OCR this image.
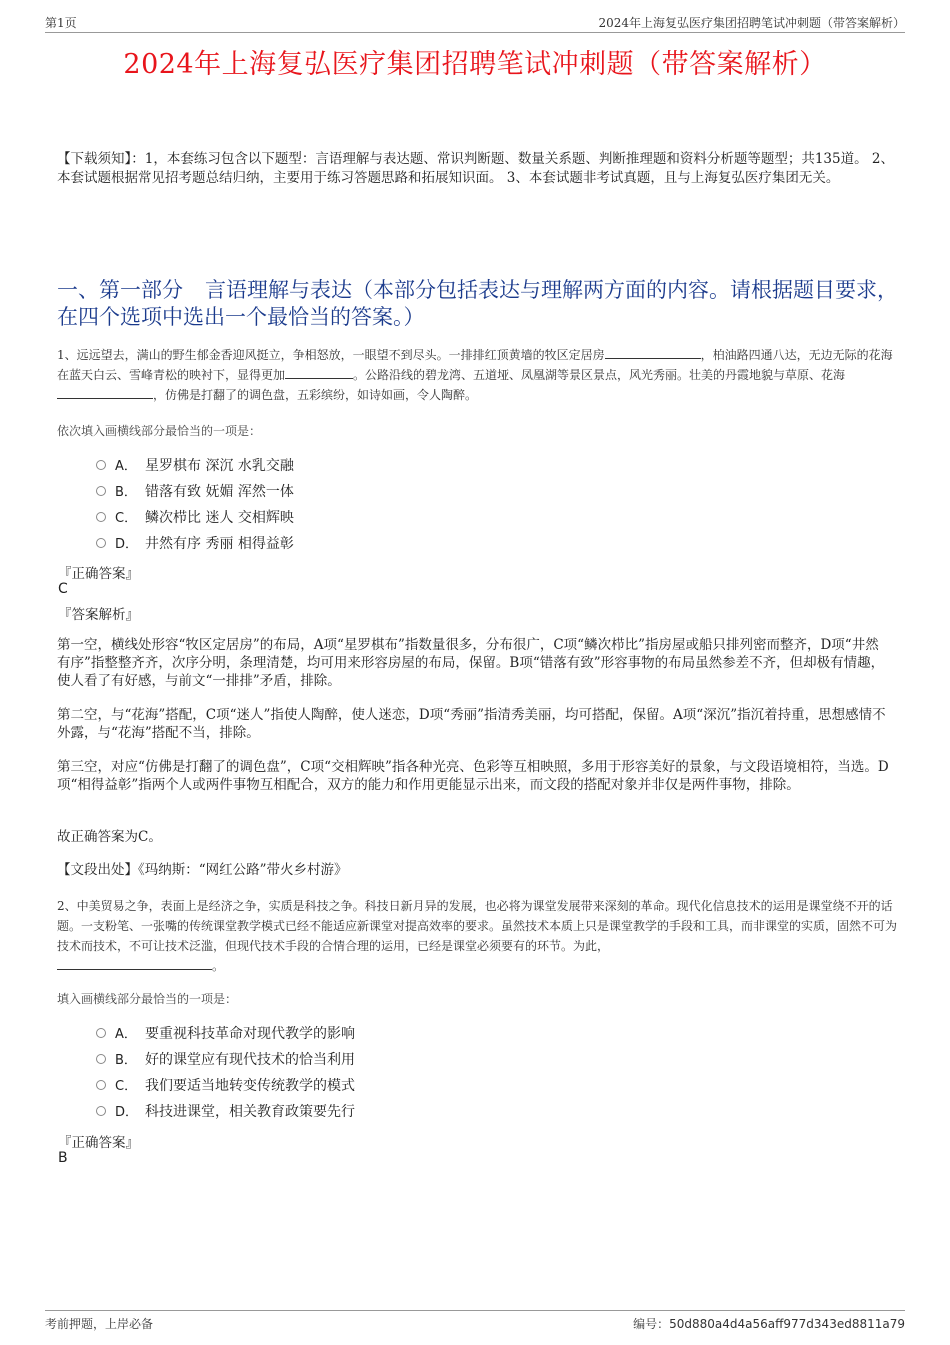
第1页	2024年上海复弘医疗集团招聘笔试冲刺题（带答案解析）
2024年上海复弘医疗集团招聘笔试冲刺题（带答案解析）
【下载须知】：1，本套练习包含以下题型：言语理解与表达题、常识判断题、数量关系题、判断推理题和资料分析题等题型；共135道。 2、本套试题根据常见招考题总结归纳，主要用于练习答题思路和拓展知识面。 3、本套试题非考试真题，且与上海复弘医疗集团无关。
一、第一部分 言语理解与表达（本部分包括表达与理解两方面的内容。请根据题目要求，在四个选项中选出一个最恰当的答案。）
1、远远望去，满山的野生郁金香迎风挺立，争相怒放，一眼望不到尽头。一排排红顶黄墙的牧区定居房	，柏油路四通八达，无边无际的花海在蓝天白云、雪峰青松的映衬下，显得更加	。公路沿线的碧龙湾、五道垭、凤凰湖等景区景点，风光秀丽。壮美的丹霞地貌与草原、花海，仿佛是打翻了的调色盘，五彩缤纷，如诗如画，令人陶醉。
依次填入画横线部分最恰当的一项是：
A． 星罗棋布 深沉 水乳交融
B． 错落有致 妩媚 浑然一体
C． 鳞次栉比 迷人 交相辉映
D． 井然有序 秀丽 相得益彰
『正确答案』
C
『答案解析』
第一空，横线处形容“牧区定居房”的布局，A项“星罗棋布”指数量很多，分布很广，C项“鳞次栉比”指房屋或船只排列密而整齐，D项“井然有序”指整整齐齐，次序分明，条理清楚，均可用来形容房屋的布局，保留。B项“错落有致”形容事物的布局虽然参差不齐，但却极有情趣，使人看了有好感，与前文“一排排”矛盾，排除。
第二空，与“花海”搭配，C项“迷人”指使人陶醉，使人迷恋，D项“秀丽”指清秀美丽，均可搭配，保留。A项“深沉”指沉着持重，思想感情不外露，与“花海”搭配不当，排除。
第三空，对应“仿佛是打翻了的调色盘”，C项“交相辉映”指各种光亮、色彩等互相映照，多用于形容美好的景象，与文段语境相符，当选。D项“相得益彰”指两个人或两件事物互相配合，双方的能力和作用更能显示出来，而文段的搭配对象并非仅是两件事物，排除。
故正确答案为C。
【文段出处】《玛纳斯：“网红公路”带火乡村游》
2、中美贸易之争，表面上是经济之争，实质是科技之争。科技日新月异的发展，也必将为课堂发展带来深刻的革命。现代化信息技术的运用是课堂绕不开的话题。一支粉笔、一张嘴的传统课堂教学模式已经不能适应新课堂对提高效率的要求。虽然技术本质上只是课堂教学的手段和工具，而非课堂的实质，固然不可为技术而技术，不可让技术泛滥，但现代技术手段的合情合理的运用，已经是课堂必须要有的环节。为此，
。
填入画横线部分最恰当的一项是：
A． 要重视科技革命对现代教学的影响
B． 好的课堂应有现代技术的恰当利用
C． 我们要适当地转变传统教学的模式
D． 科技进课堂，相关教育政策要先行
『正确答案』
B
考前押题，上岸必备	编号：50d880a4d4a56aff977d343ed8811a79
